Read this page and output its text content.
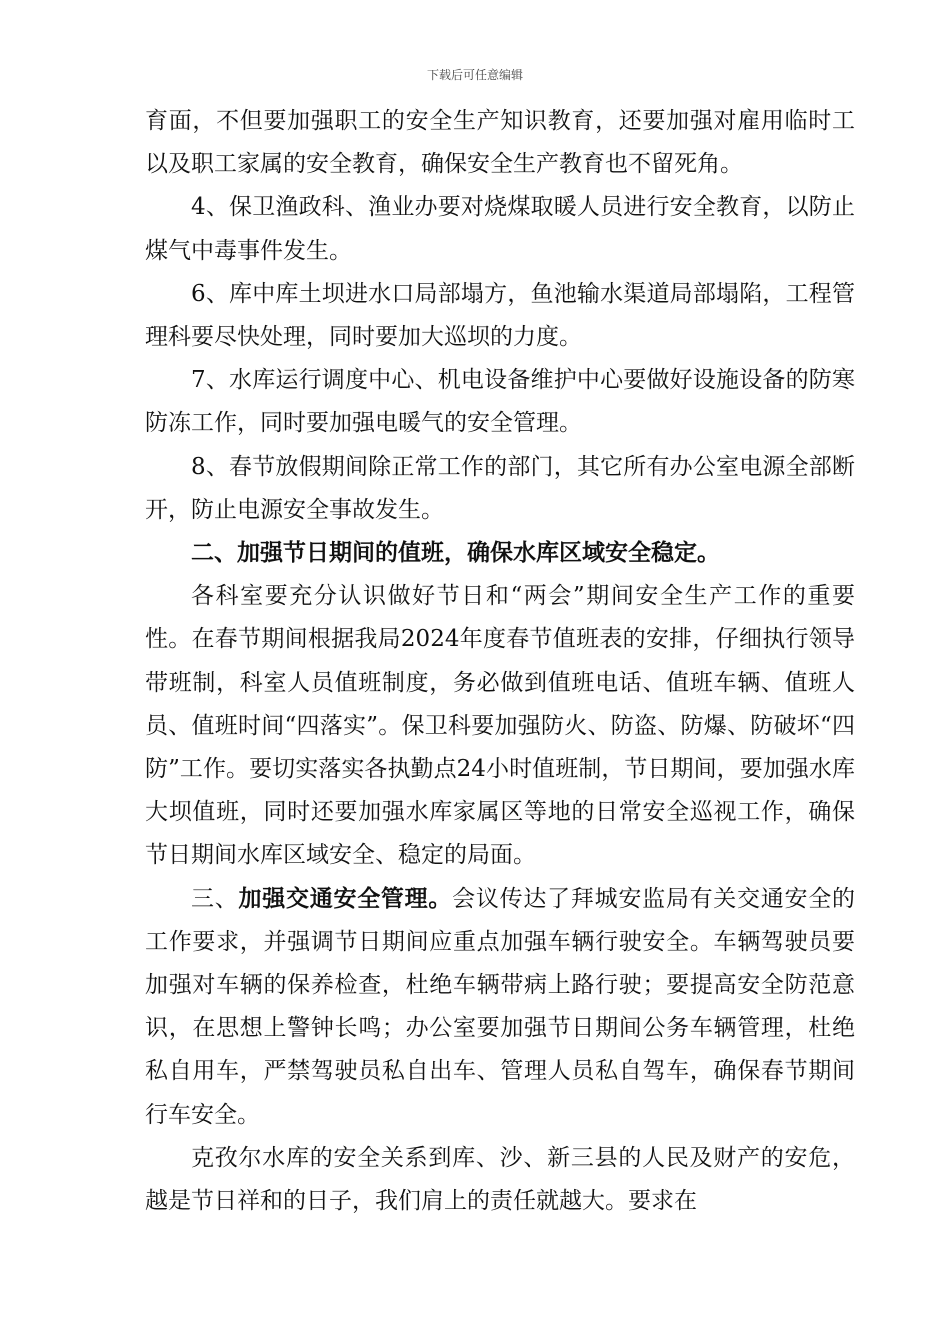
下载后可任意编辑

育面，不但要加强职工的安全生产知识教育，还要加强对雇用临时工以及职工家属的安全教育，确保安全生产教育也不留死角。

4、保卫渔政科、渔业办要对烧煤取暖人员进行安全教育，以防止煤气中毒事件发生。

6、库中库土坝进水口局部塌方，鱼池输水渠道局部塌陷，工程管理科要尽快处理，同时要加大巡坝的力度。

7、水库运行调度中心、机电设备维护中心要做好设施设备的防寒防冻工作，同时要加强电暖气的安全管理。

8、春节放假期间除正常工作的部门，其它所有办公室电源全部断开，防止电源安全事故发生。

二、加强节日期间的值班，确保水库区域安全稳定。

各科室要充分认识做好节日和“两会”期间安全生产工作的重要性。在春节期间根据我局2024年度春节值班表的安排，仔细执行领导带班制，科室人员值班制度，务必做到值班电话、值班车辆、值班人员、值班时间“四落实”。保卫科要加强防火、防盗、防爆、防破坏“四防”工作。要切实落实各执勤点24小时值班制，节日期间，要加强水库大坝值班，同时还要加强水库家属区等地的日常安全巡视工作，确保节日期间水库区域安全、稳定的局面。

三、加强交通安全管理。会议传达了拜城安监局有关交通安全的工作要求，并强调节日期间应重点加强车辆行驶安全。车辆驾驶员要加强对车辆的保养检查，杜绝车辆带病上路行驶；要提高安全防范意识，在思想上警钟长鸣；办公室要加强节日期间公务车辆管理，杜绝私自用车，严禁驾驶员私自出车、管理人员私自驾车，确保春节期间行车安全。

克孜尔水库的安全关系到库、沙、新三县的人民及财产的安危，越是节日祥和的日子，我们肩上的责任就越大。要求在
